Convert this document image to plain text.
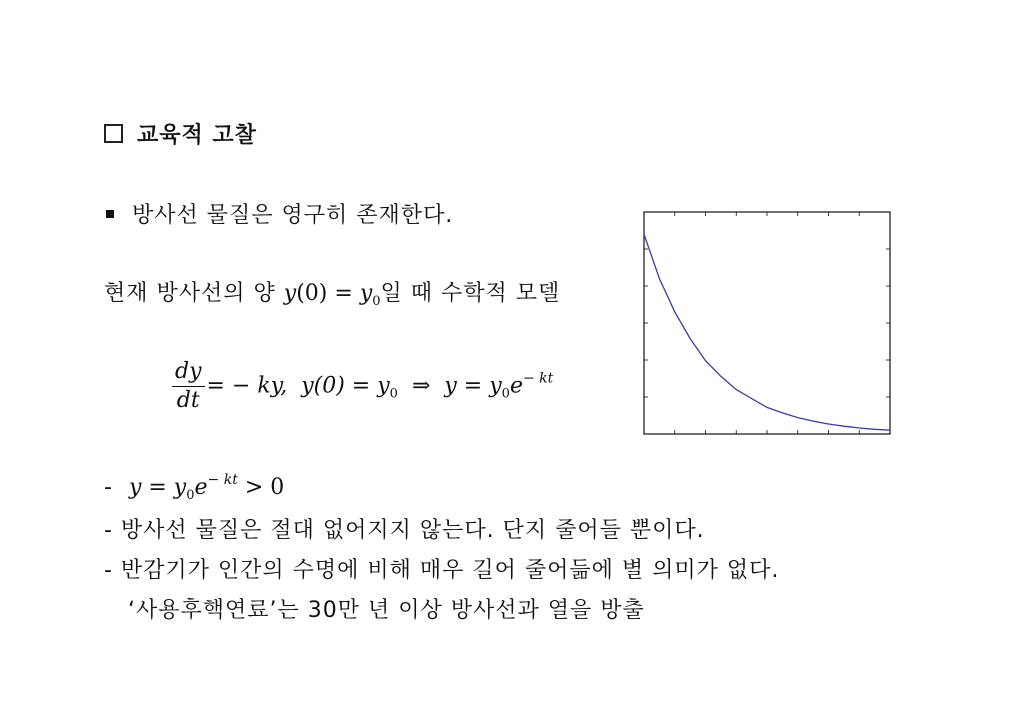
교육적 고찰
방사선 물질은 영구히 존재한다.
현재 방사선의 양 $y(0) = y_0$일 때 수학적 모델
$\frac{dy}{dt}$ = − ky, $y(0) = y_0$ ⇒ $y = y_0e^{- kt}$
- $y = y_0e^{- kt} > 0$
- 방사선 물질은 절대 없어지지 않는다. 단지 줄어들 뿐이다.
- 반감기가 인간의 수명에 비해 매우 길어 줄어듦에 별 의미가 없다.
‘사용후핵연료’는 30만 년 이상 방사선과 열을 방출
